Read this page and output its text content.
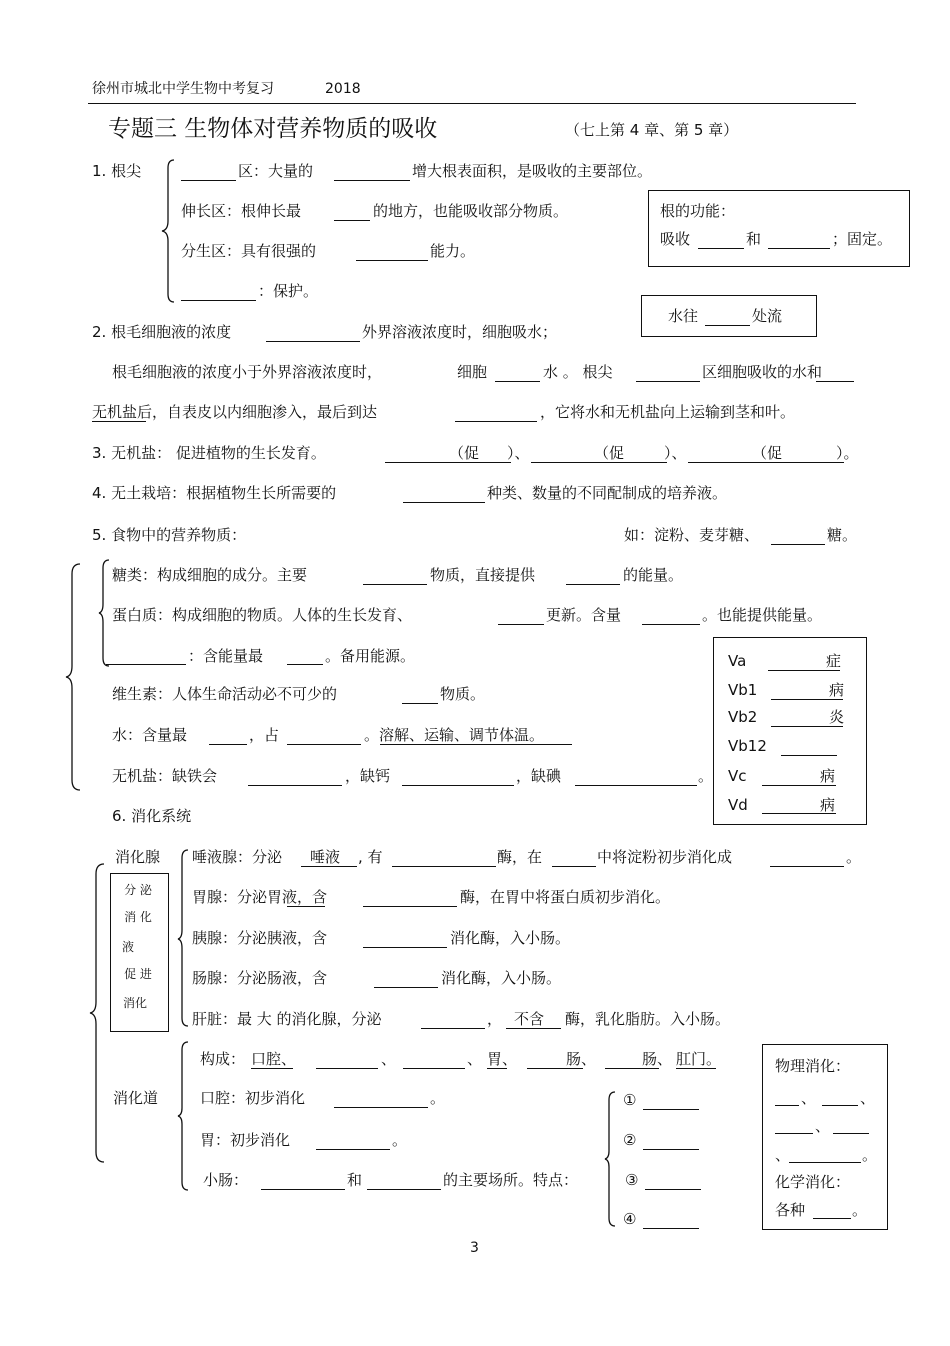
徐州市城北中学生物中考复习	2018
专题三 生物体对营养物质的吸收	（七上第 4 章、第 5 章）
1. 根尖	区：大量的	增大根表面积，是吸收的主要部位。
伸长区：根伸长最	的地方，也能吸收部分物质。
分生区：具有很强的	能力。
：保护。
根的功能：
吸收	和	；固定。
水往	处流
2. 根毛细胞液的浓度	外界溶液浓度时，细胞吸水；
根毛细胞液的浓度小于外界溶液浓度时，	细胞	水 。 根尖	区细胞吸收的水和
无机盐后，自表皮以内细胞渗入，最后到达	，它将水和无机盐向上运输到茎和叶。
3. 无机盐： 促进植物的生长发育。	（促 ）、	（促	）、	（促	）。
4. 无土栽培：根据植物生长所需要的	种类、数量的不同配制成的培养液。
5. 食物中的营养物质：	如：淀粉、麦芽糖、	糖。
糖类：构成细胞的成分。主要	物质，直接提供	的能量。
蛋白质：构成细胞的物质。人体的生长发育、	更新。含量	。也能提供能量。
：含能量最	。备用能源。
维生素：人体生命活动必不可少的	物质。
水：含量最	，占	。溶解、运输、调节体温。
无机盐：缺铁会	，缺钙	，缺碘	。
Va	症
Vb1	病
Vb2	炎
Vb12
Vc	病
Vd	病
6. 消化系统
消化腺
分 泌
消 化
液
促 进
消化
唾液腺：分泌 唾液 , 有	酶，在	中将淀粉初步消化成	。
胃腺：分泌胃液，含	酶，在胃中将蛋白质初步消化。
胰腺：分泌胰液，含	消化酶，入小肠。
肠腺：分泌肠液，含	消化酶，入小肠。
肝脏：最 大 的消化腺，分泌	， 不含 酶，乳化脂肪。入小肠。
消化道
构成： 口腔、	、	、 胃、	肠、	肠、 肛门。
口腔：初步消化	。
胃：初步消化	。
小肠：	和	的主要场所。特点：
①
②
③
④
物理消化：
、	、
、
、	。
化学消化：
各种	。
3
